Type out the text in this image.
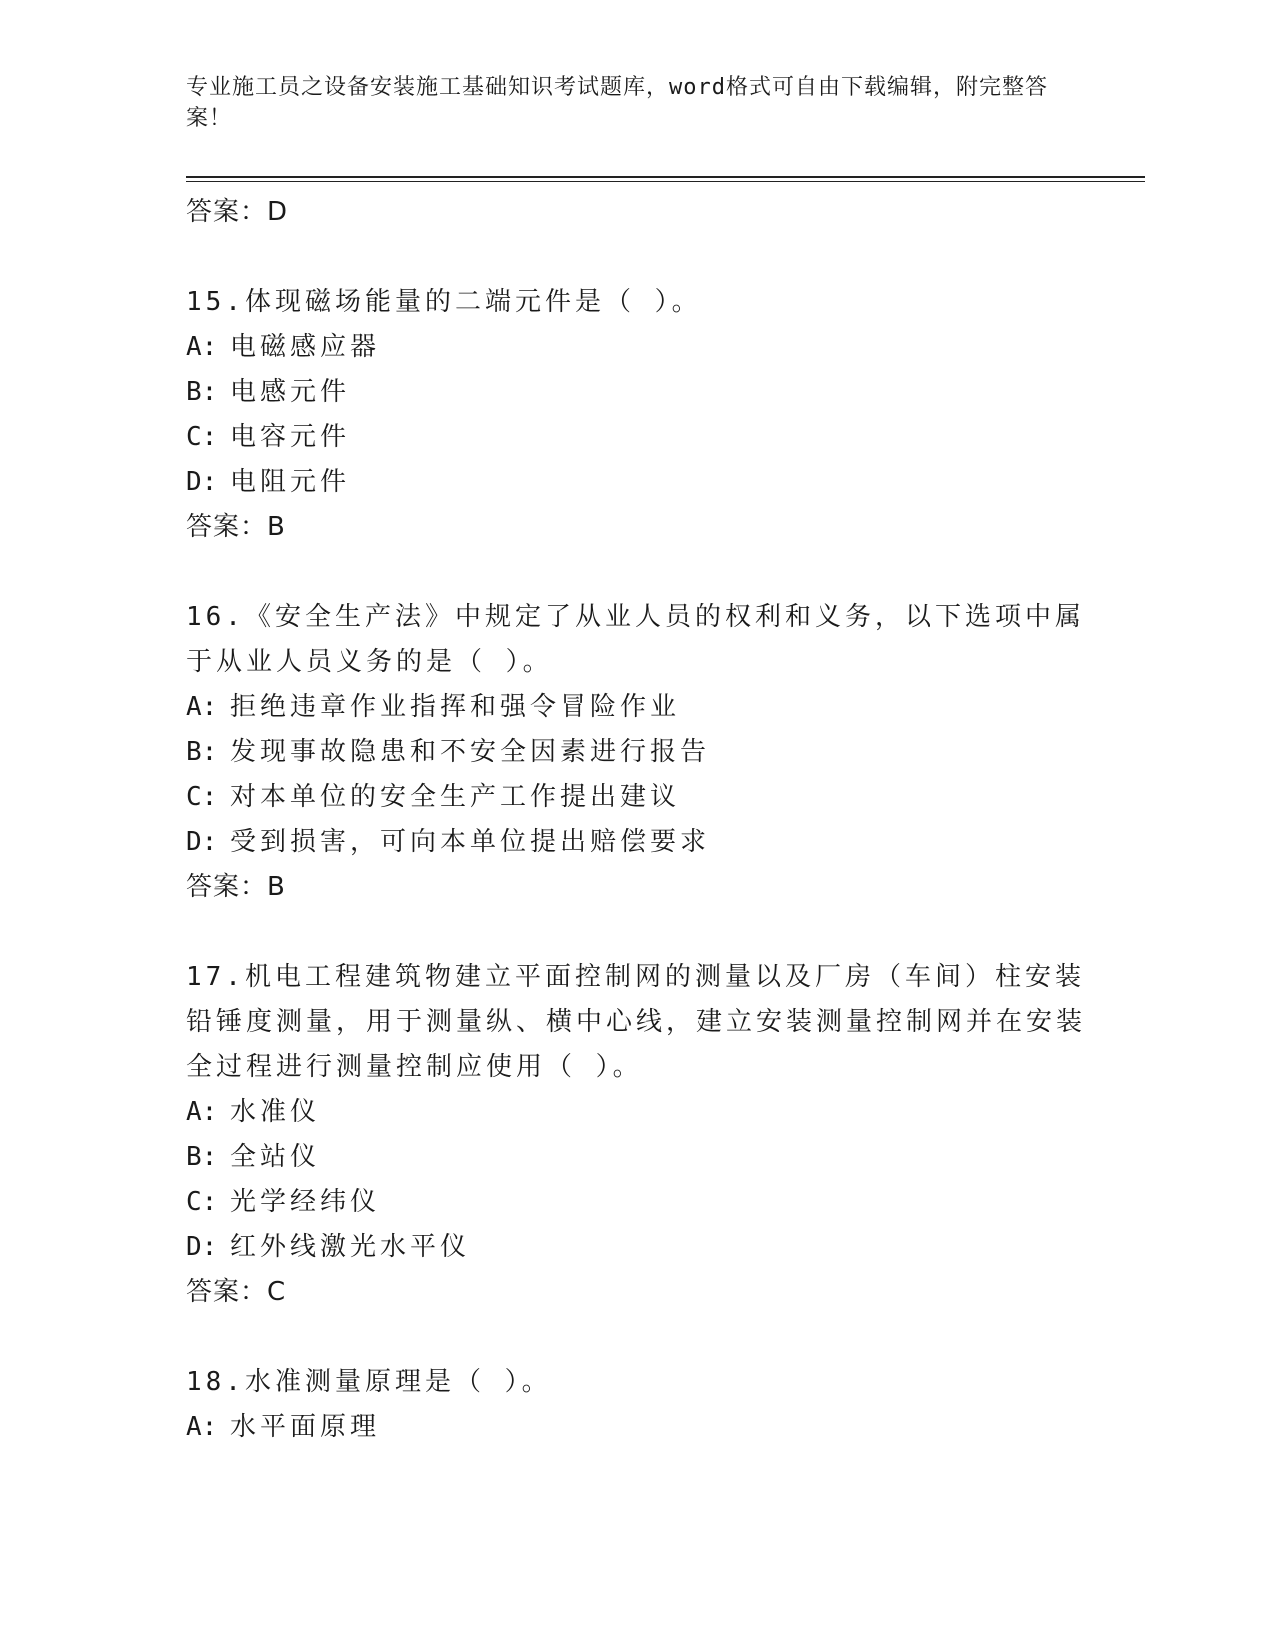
专业施工员之设备安装施工基础知识考试题库，word格式可自由下载编辑，附完整答案！
答案：D
15.体现磁场能量的二端元件是（ ）。
A: 电磁感应器
B: 电感元件
C: 电容元件
D: 电阻元件
答案：B
16.《安全生产法》中规定了从业人员的权利和义务，以下选项中属于从业人员义务的是（ ）。
A: 拒绝违章作业指挥和强令冒险作业
B: 发现事故隐患和不安全因素进行报告
C: 对本单位的安全生产工作提出建议
D: 受到损害，可向本单位提出赔偿要求
答案：B
17.机电工程建筑物建立平面控制网的测量以及厂房（车间）柱安装铅锤度测量，用于测量纵、横中心线，建立安装测量控制网并在安装全过程进行测量控制应使用（ ）。
A: 水准仪
B: 全站仪
C: 光学经纬仪
D: 红外线激光水平仪
答案：C
18.水准测量原理是（ ）。
A: 水平面原理
